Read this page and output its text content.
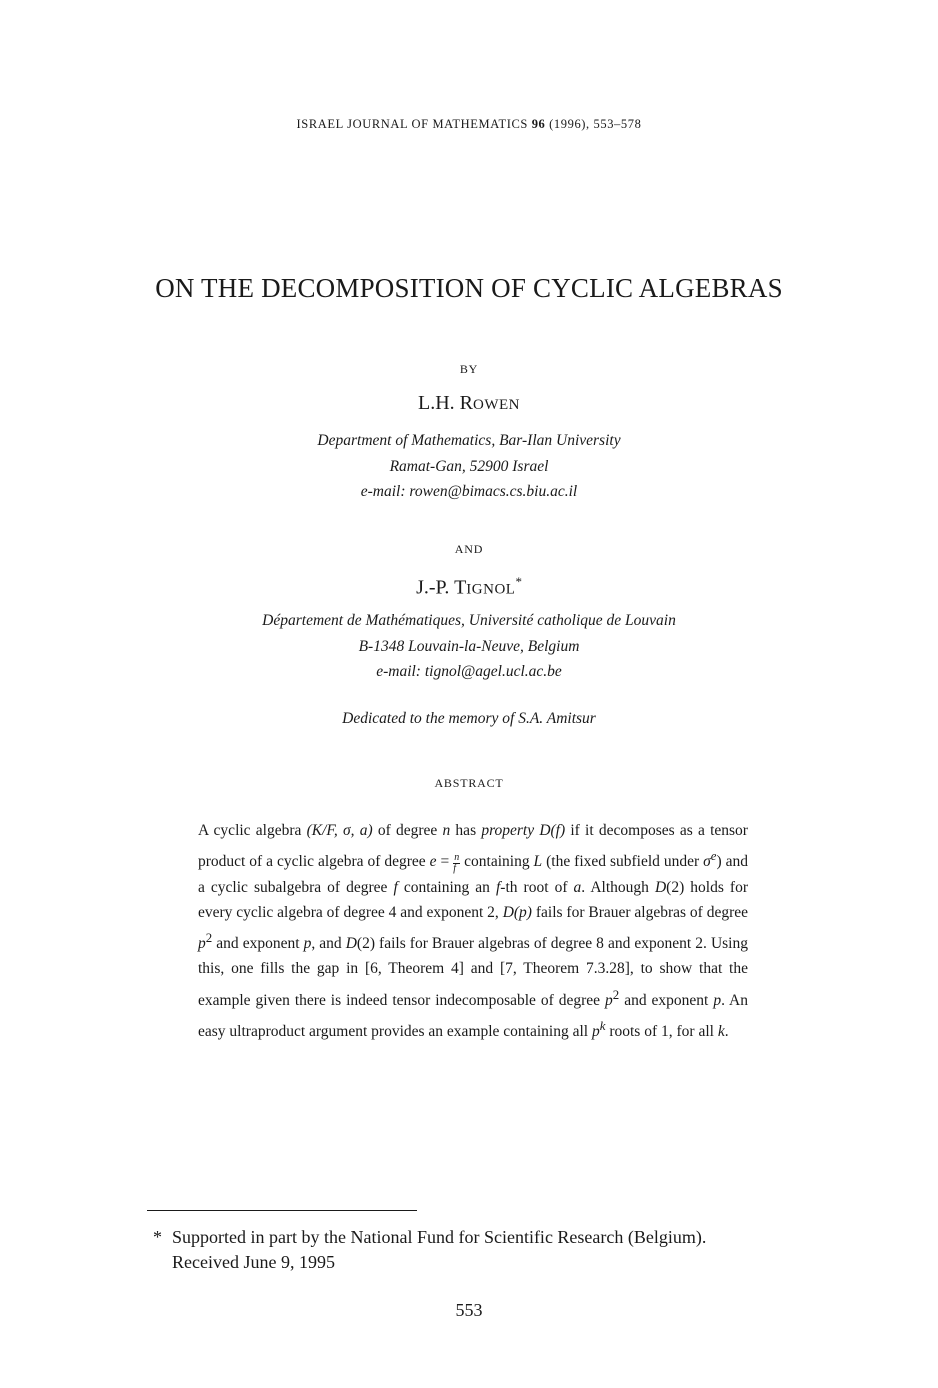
ISRAEL JOURNAL OF MATHEMATICS 96 (1996), 553–578
ON THE DECOMPOSITION OF CYCLIC ALGEBRAS
BY
L.H. ROWEN
Department of Mathematics, Bar-Ilan University
Ramat-Gan, 52900 Israel
e-mail: rowen@bimacs.cs.biu.ac.il
AND
J.-P. TIGNOL*
Département de Mathématiques, Université catholique de Louvain
B-1348 Louvain-la-Neuve, Belgium
e-mail: tignol@agel.ucl.ac.be
Dedicated to the memory of S.A. Amitsur
ABSTRACT
A cyclic algebra (K/F, σ, a) of degree n has property D(f) if it decomposes as a tensor product of a cyclic algebra of degree $e = \frac{n}{f}$ containing L (the fixed subfield under $\sigma^e$) and a cyclic subalgebra of degree f containing an f-th root of a. Although D(2) holds for every cyclic algebra of degree 4 and exponent 2, D(p) fails for Brauer algebras of degree $p^2$ and exponent p, and D(2) fails for Brauer algebras of degree 8 and exponent 2. Using this, one fills the gap in [6, Theorem 4] and [7, Theorem 7.3.28], to show that the example given there is indeed tensor indecomposable of degree $p^2$ and exponent p. An easy ultraproduct argument provides an example containing all $p^k$ roots of 1, for all k.
* Supported in part by the National Fund for Scientific Research (Belgium).
Received June 9, 1995
553
